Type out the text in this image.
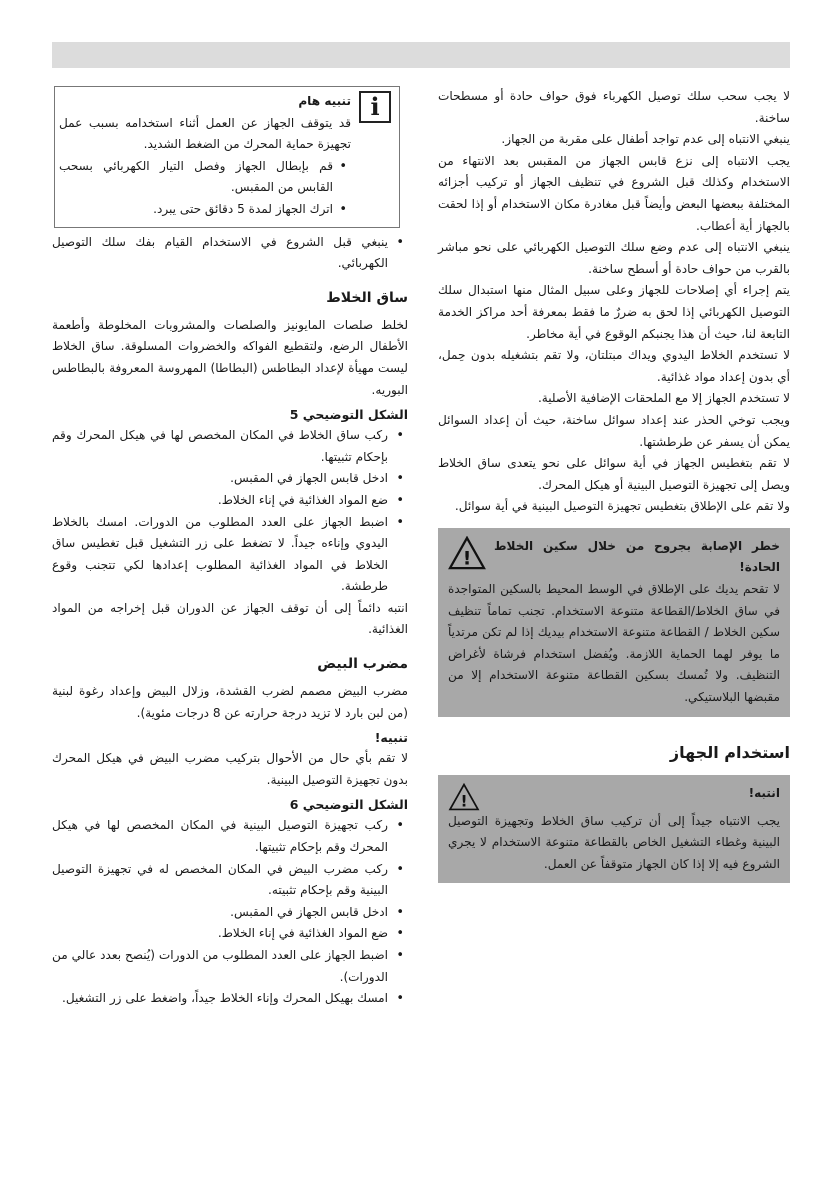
لا يجب سحب سلك توصيل الكهرباء فوق حواف حادة أو مسطحات ساخنة.

ينبغي الانتباه إلى عدم تواجد أطفال على مقربة من الجهاز.

يجب الانتباه إلى نزع قابس الجهاز من المقبس بعد الانتهاء من الاستخدام وكذلك قبل الشروع في تنظيف الجهاز أو تركيب أجزائه المختلفة ببعضها البعض وأيضاً قبل مغادرة مكان الاستخدام أو إذا لحقت بالجهاز أية أعطاب.

ينبغي الانتباه إلى عدم وضع سلك التوصيل الكهربائي على نحو مباشر بالقرب من حواف حادة أو أسطح ساخنة.

يتم إجراء أي إصلاحات للجهاز وعلى سبيل المثال منها استبدال سلك التوصيل الكهربائي إذا لحق به ضررٌ ما فقط بمعرفة أحد مراكز الخدمة التابعة لنا، حيث أن هذا يجنبكم الوقوع في أية مخاطر.

لا تستخدم الخلاط اليدوي ويداك مبتلتان، ولا تقم بتشغيله بدون حِمل، أي بدون إعداد مواد غذائية.

لا تستخدم الجهاز إلا مع الملحقات الإضافية الأصلية.

ويجب توخي الحذر عند إعداد سوائل ساخنة، حيث أن إعداد السوائل يمكن أن يسفر عن طرطشتها.

لا تقم بتغطيس الجهاز في أية سوائل على نحو يتعدى ساق الخلاط ويصل إلى تجهيزة التوصيل البينية أو هيكل المحرك.

ولا تقم على الإطلاق بتغطيس تجهيزة التوصيل البينية في أية سوائل.

خطر الإصابة بجروح من خلال سكين الخلاط الحادة!
!

لا تقحم يديك على الإطلاق في الوسط المحيط بالسكين المتواجدة في ساق الخلاط/القطاعة متنوعة الاستخدام. تجنب تماماً تنظيف سكين الخلاط / القطاعة متنوعة الاستخدام بيديك إذا لم تكن مرتدياً ما يوفر لهما الحماية اللازمة. ويُفضل استخدام فرشاة لأغراض التنظيف. ولا تُمسك بسكين القطاعة متنوعة الاستخدام إلا من مقبضها البلاستيكي.

استخدام الجهاز
انتبه!
!

يجب الانتباه جيداً إلى أن تركيب ساق الخلاط وتجهيزة التوصيل البينية وغطاء التشغيل الخاص بالقطاعة متنوعة الاستخدام لا يجري الشروع فيه إلا إذا كان الجهاز متوقفاً عن العمل.

i
تنبيه هام

قد يتوقف الجهاز عن العمل أثناء استخدامه بسبب عمل تجهيزة حماية المحرك من الضغط الشديد.

• قم بإبطال الجهاز وفصل التيار الكهربائي بسحب القابس من المقبس.
• اترك الجهاز لمدة 5 دقائق حتى يبرد.
• ينبغي قبل الشروع في الاستخدام القيام بفك سلك التوصيل الكهربائي.
ساق الخلاط

لخلط صلصات المايونيز والصلصات والمشروبات المخلوطة وأطعمة الأطفال الرضع، ولتقطيع الفواكه والخضروات المسلوقة. ساق الخلاط ليست مهيأة لإعداد البطاطس (البطاطا) المهروسة المعروفة بالبطاطس البوريه.

الشكل التوضيحي 5
• ركب ساق الخلاط في المكان المخصص لها في هيكل المحرك وقم بإحكام تثبيتها.
• ادخل قابس الجهاز في المقبس.
• ضع المواد الغذائية في إناء الخلاط.
• اضبط الجهاز على العدد المطلوب من الدورات. امسك بالخلاط اليدوي وإناءه جيداً. لا تضغط على زر التشغيل قبل تغطيس ساق الخلاط في المواد الغذائية المطلوب إعدادها لكي تتجنب وقوع طرطشة.

انتبه دائماً إلى أن توقف الجهاز عن الدوران قبل إخراجه من المواد الغذائية.

مضرب البيض

مضرب البيض مصمم لضرب القشدة، وزلال البيض وإعداد رغوة لبنية (من لبن بارد لا تزيد درجة حرارته عن 8 درجات مئوية).

تنبيه!

لا تقم بأي حال من الأحوال بتركيب مضرب البيض في هيكل المحرك بدون تجهيزة التوصيل البينية.

الشكل التوضيحي 6
• ركب تجهيزة التوصيل البينية في المكان المخصص لها في هيكل المحرك وقم بإحكام تثبيتها.
• ركب مضرب البيض في المكان المخصص له في تجهيزة التوصيل البينية وقم بإحكام تثبيته.
• ادخل قابس الجهاز في المقبس.
• ضع المواد الغذائية في إناء الخلاط.
• اضبط الجهاز على العدد المطلوب من الدورات (يُنصح بعدد عالي من الدورات).
• امسك بهيكل المحرك وإناء الخلاط جيداً، واضغط على زر التشغيل.
